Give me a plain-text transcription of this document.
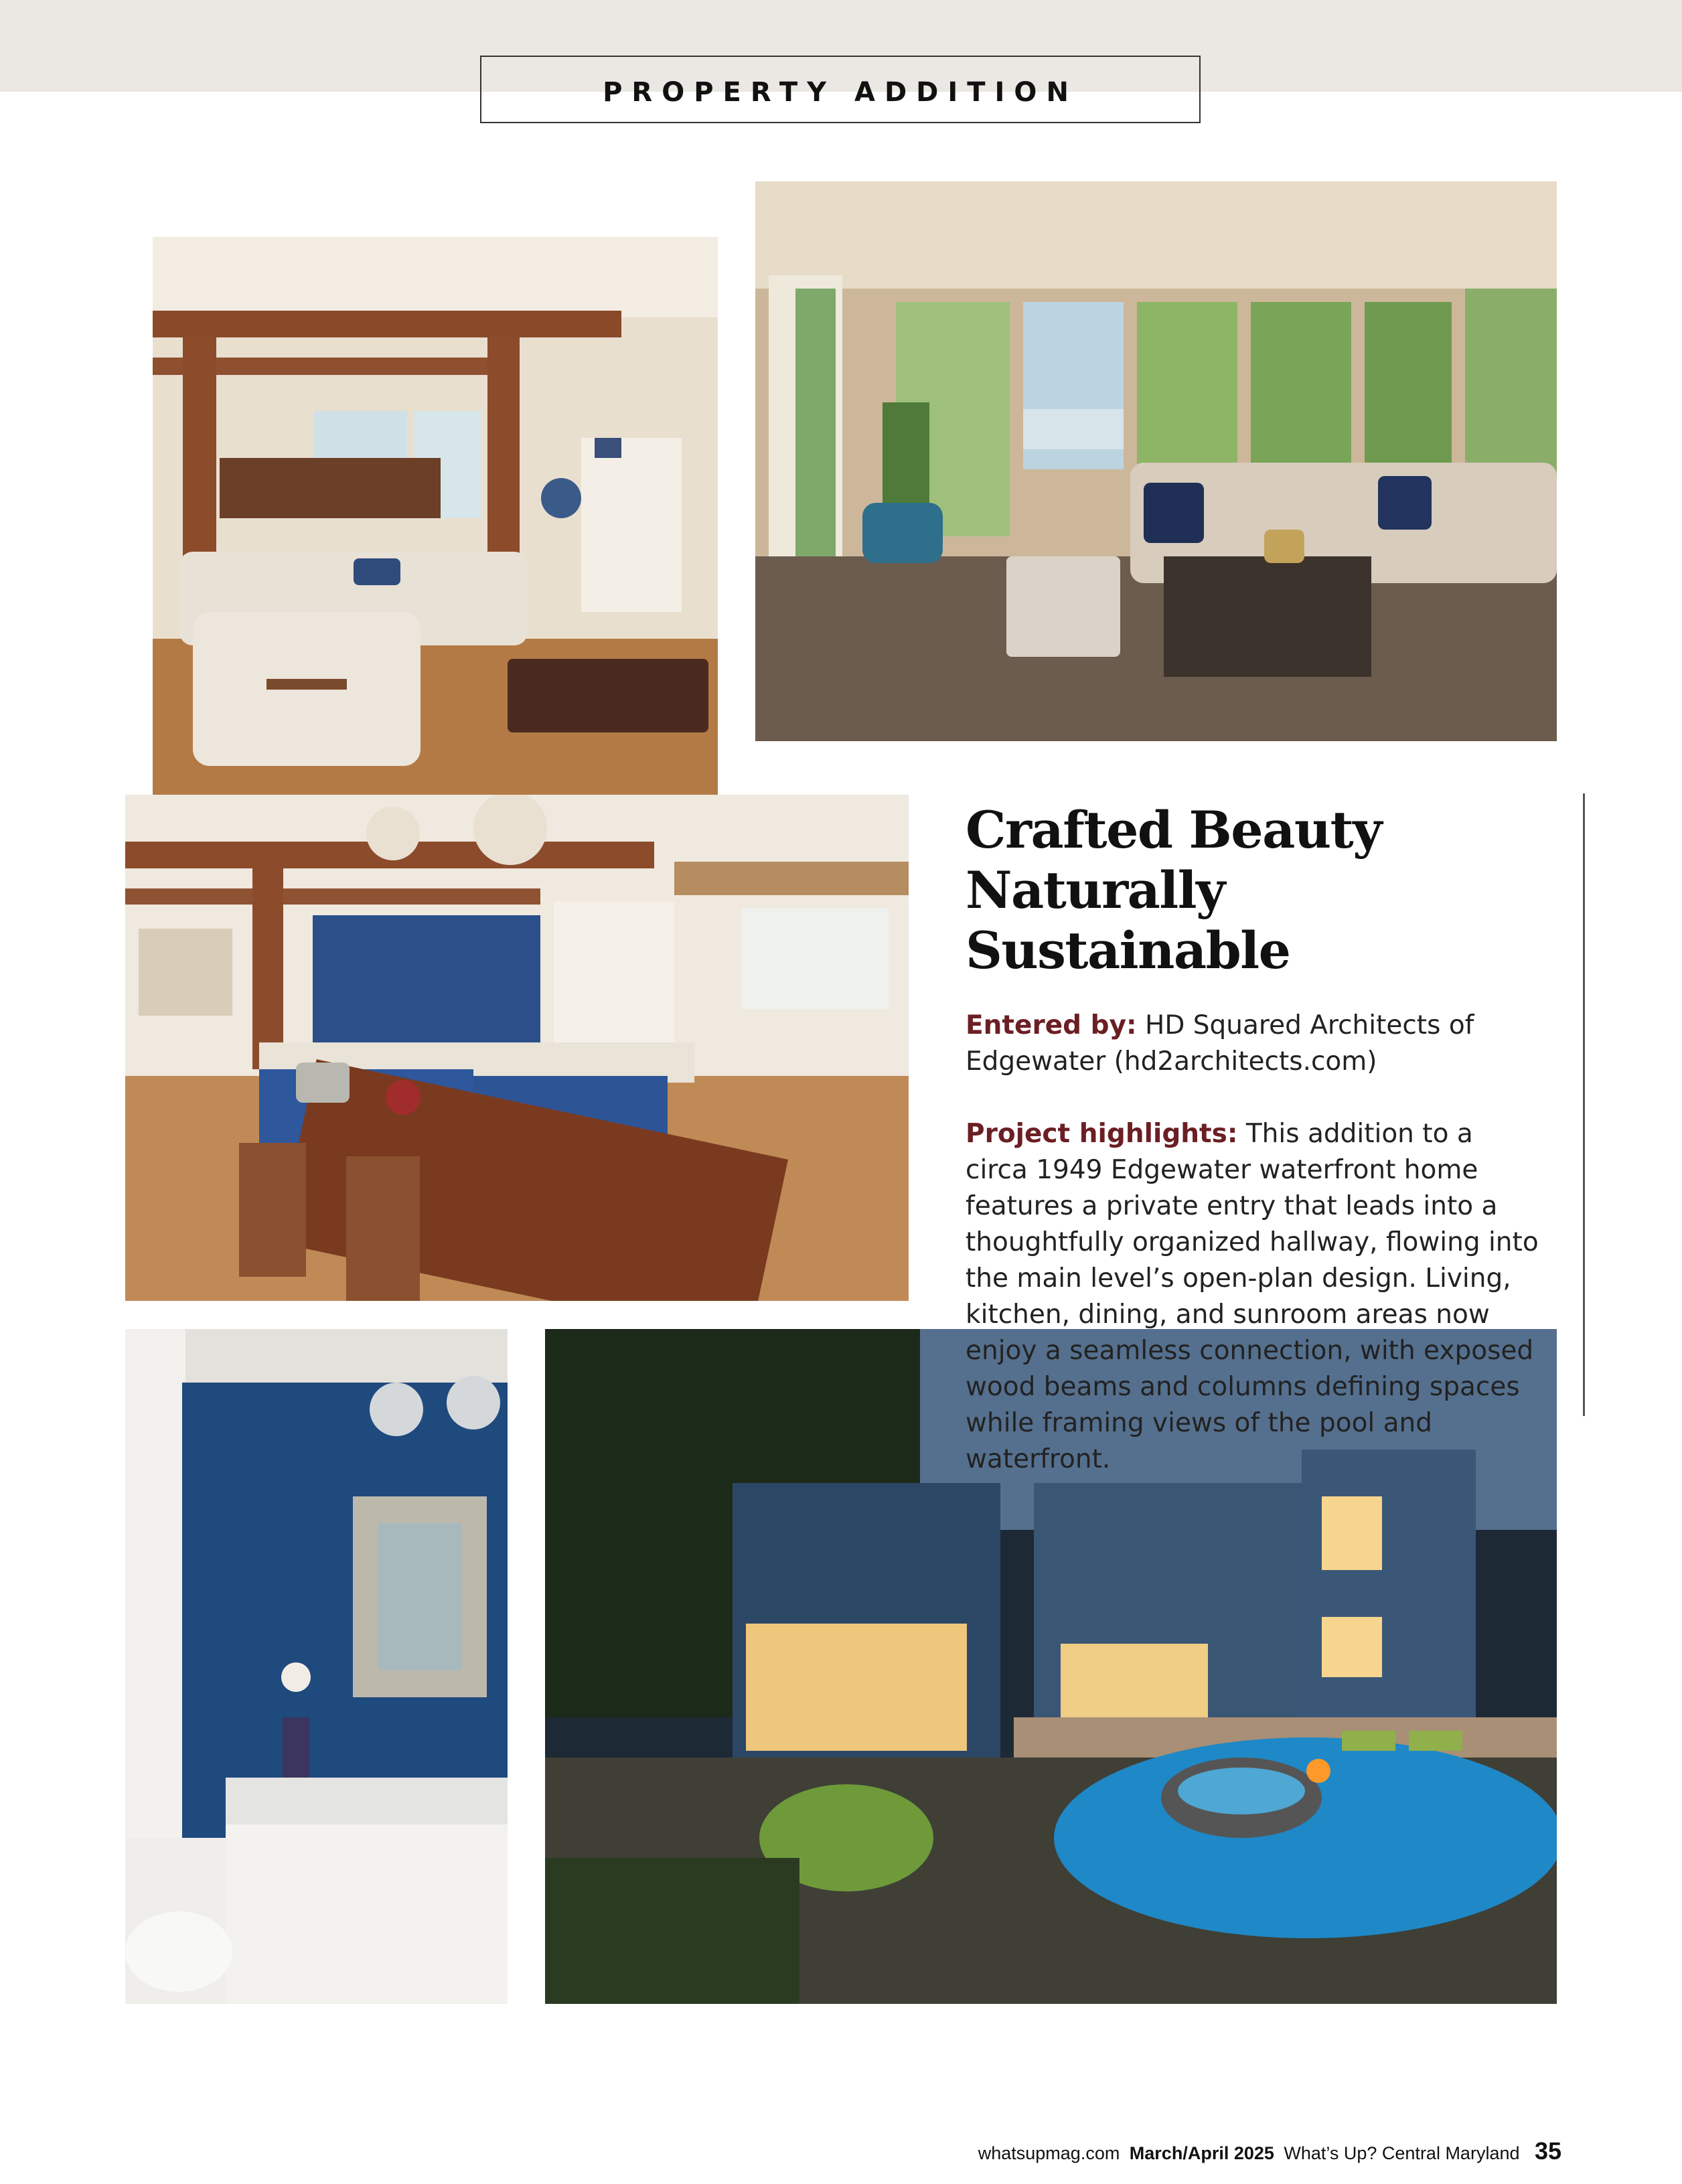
PROPERTY ADDITION
Crafted Beauty
Naturally Sustainable

Entered by: HD Squared Architects of Edgewater (hd2architects.com)

Project highlights: This addition to a circa 1949 Edgewater waterfront home features a private entry that leads into a thoughtfully organized hallway, flowing into the main level’s open-plan design. Living, kitchen, dining, and sunroom areas now enjoy a seamless connection, with exposed wood beams and columns defining spaces while framing views of the pool and waterfront.

whatsupmag.com March/April 2025 What’s Up? Central Maryland 35
